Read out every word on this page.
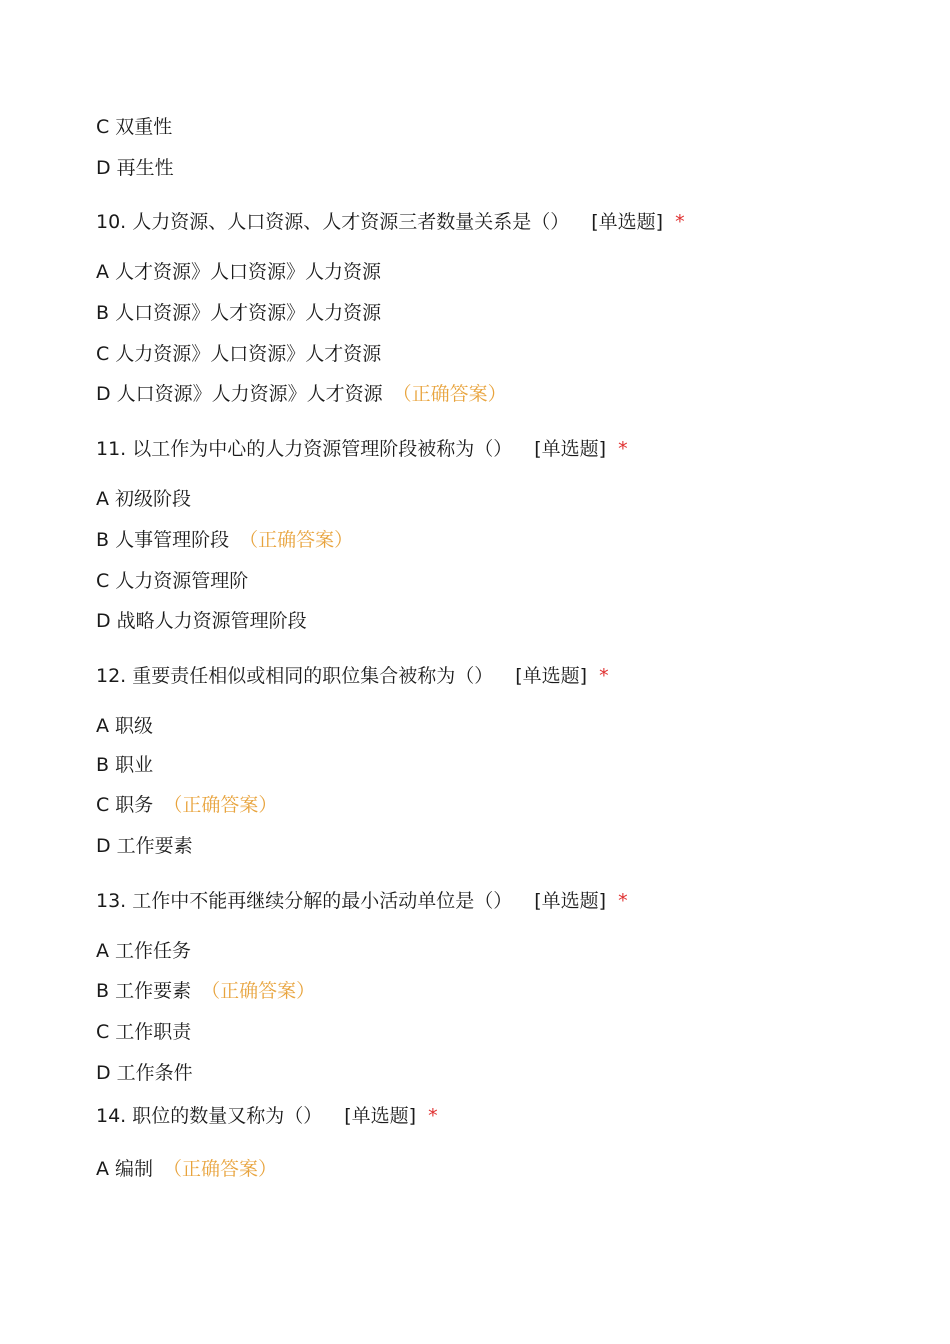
C 双重性
D 再生性
10. 人力资源、人口资源、人才资源三者数量关系是（） [单选题] *
A 人才资源》人口资源》人力资源
B 人口资源》人才资源》人力资源
C 人力资源》人口资源》人才资源
D 人口资源》人力资源》人才资源 （正确答案）
11. 以工作为中心的人力资源管理阶段被称为（） [单选题] *
A 初级阶段
B 人事管理阶段 （正确答案）
C 人力资源管理阶
D 战略人力资源管理阶段
12. 重要责任相似或相同的职位集合被称为（） [单选题] *
A 职级
B 职业
C 职务 （正确答案）
D 工作要素
13. 工作中不能再继续分解的最小活动单位是（） [单选题] *
A 工作任务
B 工作要素 （正确答案）
C 工作职责
D 工作条件
14. 职位的数量又称为（） [单选题] *
A 编制 （正确答案）
